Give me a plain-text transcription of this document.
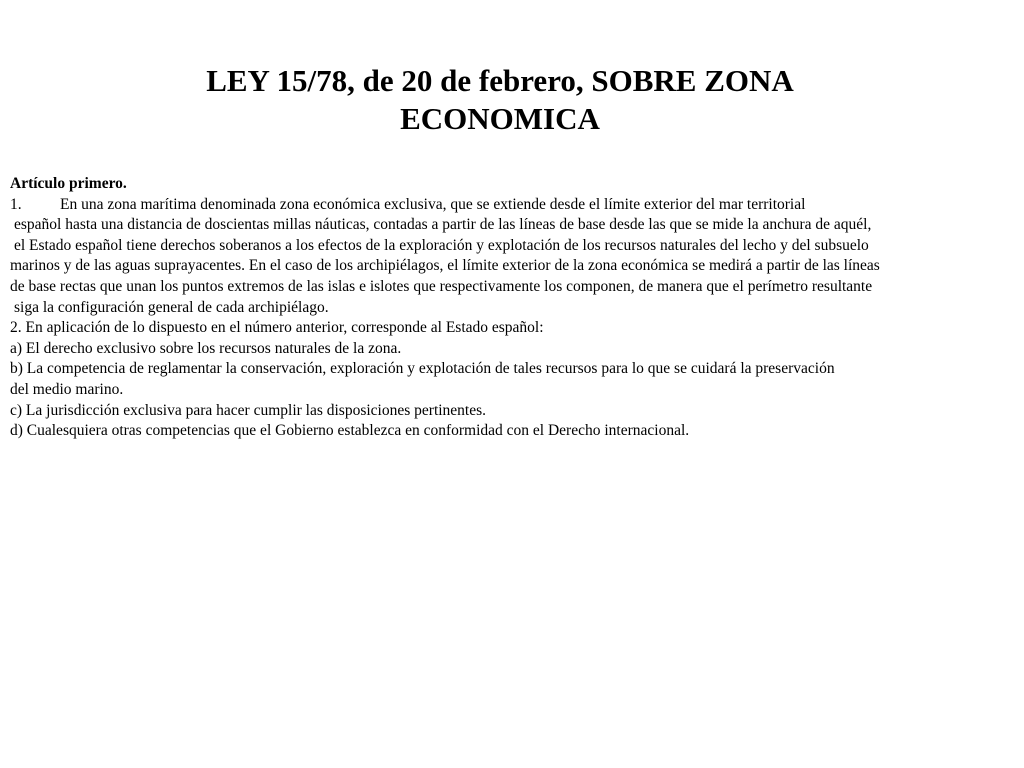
LEY 15/78, de 20 de febrero, SOBRE ZONA
ECONOMICA
Artículo primero.
1. En una zona marítima denominada zona económica exclusiva, que se extiende desde el límite exterior del mar territorial
español hasta una distancia de doscientas millas náuticas, contadas a partir de las líneas de base desde las que se mide la anchura de aquél,
el Estado español tiene derechos soberanos a los efectos de la exploración y explotación de los recursos naturales del lecho y del subsuelo
marinos y de las aguas suprayacentes. En el caso de los archipiélagos, el límite exterior de la zona económica se medirá a partir de las líneas
de base rectas que unan los puntos extremos de las islas e islotes que respectivamente los componen, de manera que el perímetro resultante
siga la configuración general de cada archipiélago.
2. En aplicación de lo dispuesto en el número anterior, corresponde al Estado español:
a) El derecho exclusivo sobre los recursos naturales de la zona.
b) La competencia de reglamentar la conservación, exploración y explotación de tales recursos para lo que se cuidará la preservación
del medio marino.
c) La jurisdicción exclusiva para hacer cumplir las disposiciones pertinentes.
d) Cualesquiera otras competencias que el Gobierno establezca en conformidad con el Derecho internacional.
